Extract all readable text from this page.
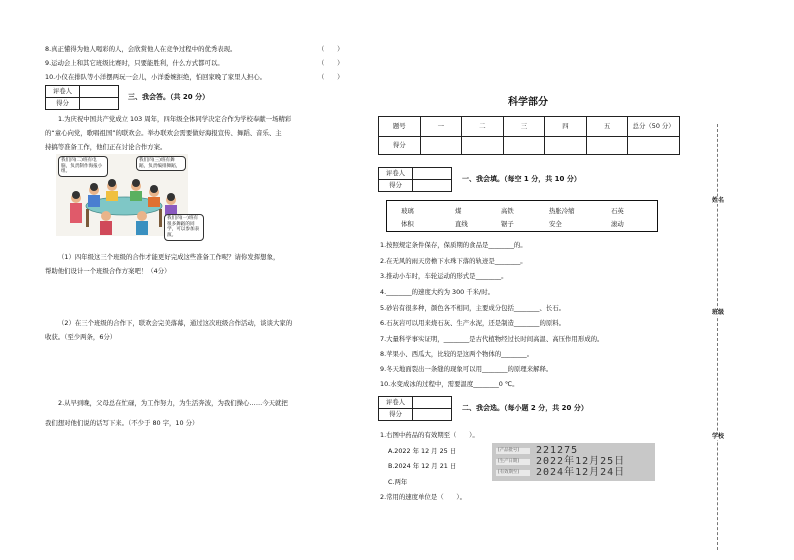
8.真正懂得为他人喝彩的人，会欣赏他人在竞争过程中的优秀表现。	（　　）
9.运动会上和其它班级比赛时，只要能胜利，什么方式都可以。	（　　）
10.小仪在排队等小洋摆两玩一会儿，小洋委婉拒绝，怕回家晚了家里人担心。	（　　）
评卷人	
得分	
三、我会答。（共 20 分）
1.为庆祝中国共产党成立 103 周年，四年级全体同学决定合作为学校奉献一场精彩
的“童心向党，歌唱祖国”的联欢会。举办联欢会需要做好海报宣传、舞蹈、音乐、主
持搞等准备工作，他们正在讨论合作方案。
我们四(二)班有电脑，负责制作海报小组。
我们四(三)班有舞蹈，负责编排舞蹈，
我们四(一)班有很多舞蹈的同学，可以参加表演。
（1）四年级这三个班级的合作才能更好完成这些准备工作呢？请你发挥想象，
帮助他们设计一个班级合作方案吧！（4分）
（2）在三个班级的合作下，联欢会完美落幕，通过这次班级合作活动，谈谈大家的
收获。（至少两条，6分）
2.从早到晚，父母总在忙碌，为工作努力，为生活奔波，为我们操心……今天就把
我们想对他们说的话写下来。（不少于 80 字，10 分）
科学部分
题号	一	二	三	四	五	总分（50 分）
得分						
评卷人	
得分	
一、我会填。（每空 1 分，共 10 分）
玻璃	煤	高铁	热胀冷缩	石英
体积	直线	锯子	安全	滚动
1.按照规定条件保存，保质期的食品是________的。
2.在无风的雨天房檐下水珠下落的轨迹是________。
3.推动小车时，车轮运动的形式是________。
4.________的速度大约为 300 千米/时。
5.砂岩有很多种，颜色各不相同，主要成分包括________、长石。
6.石灰岩可以用来烧石灰、生产水泥，还是制造________的原料。
7.大量科学事实证明，________是古代植物经过长时间高温、高压作用形成的。
8.苹果小、西瓜大，比较的是这两个物体的________。
9.冬天地面裂出一条缝的现象可以用________的原理来解释。
10.水变成冰的过程中，需要温度________0 ℃。
评卷人	
得分	
二、我会选。（每小题 2 分，共 20 分）
1.右图中药品的有效期至（　　）。
A.2022 年 12 月 25 日
B.2024 年 12 月 21 日
C.两年
[产品批号] 221275
[生产日期] 2022年12月25日
[有效期至] 2024年12月24日
2.常用的速度单位是（　　）。
姓名
班级
学校
